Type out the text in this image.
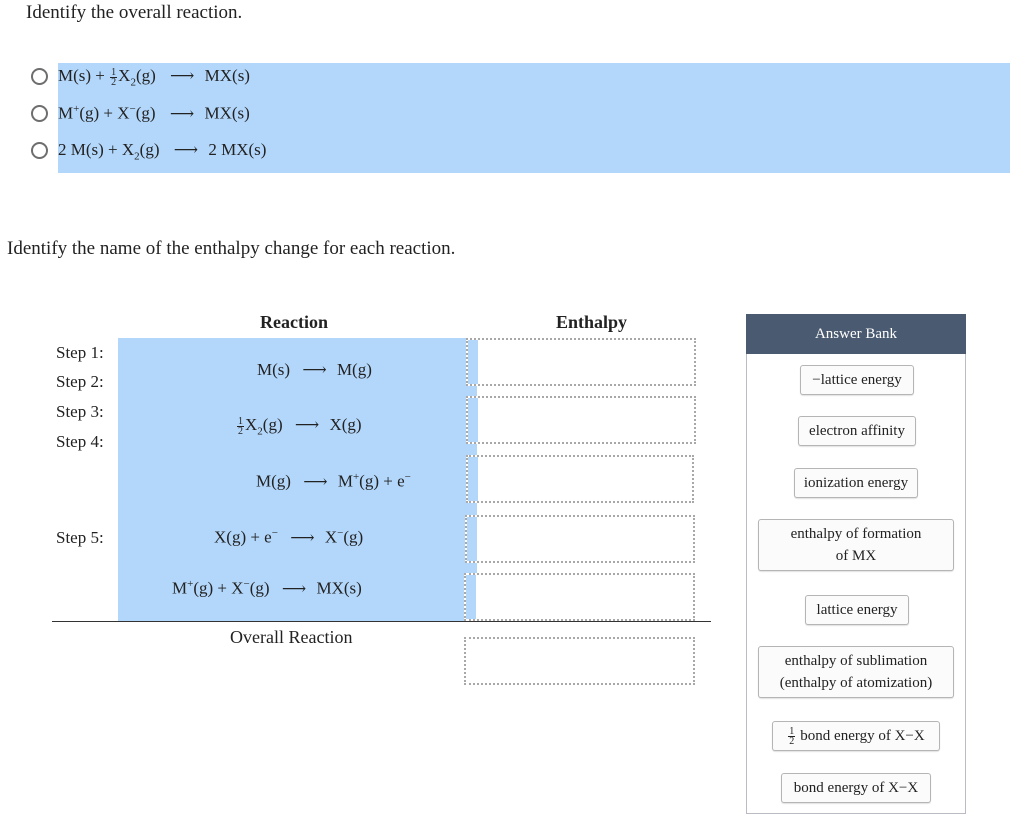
Identify the overall reaction.
$M(s) + \frac{1}{2} X_2(g)$ ⟶ MX(s)
M+(g) + X−(g) ⟶ MX(s)
2 $M(s) + X_2(g)$ ⟶ 2 MX(s)
Identify the name of the enthalpy change for each reaction.
Reaction	Enthalpy
Step 1:
Step 2:
Step 3:
Step 4:
Step 5:
M(s) ⟶ M(g)
$\frac{1}{2} X_2(g)$ ⟶ X(g)
M(g) ⟶ M+(g) + e−
X(g) + e− ⟶ X−(g)
M+(g) + X−(g) ⟶ MX(s)
Overall Reaction
Answer Bank
−lattice energy
electron affinity
ionization energy
enthalpy of formation
of MX
lattice energy
enthalpy of sublimation
(enthalpy of atomization)
$\frac{1}{2}$ bond energy of X−X
bond energy of X−X
